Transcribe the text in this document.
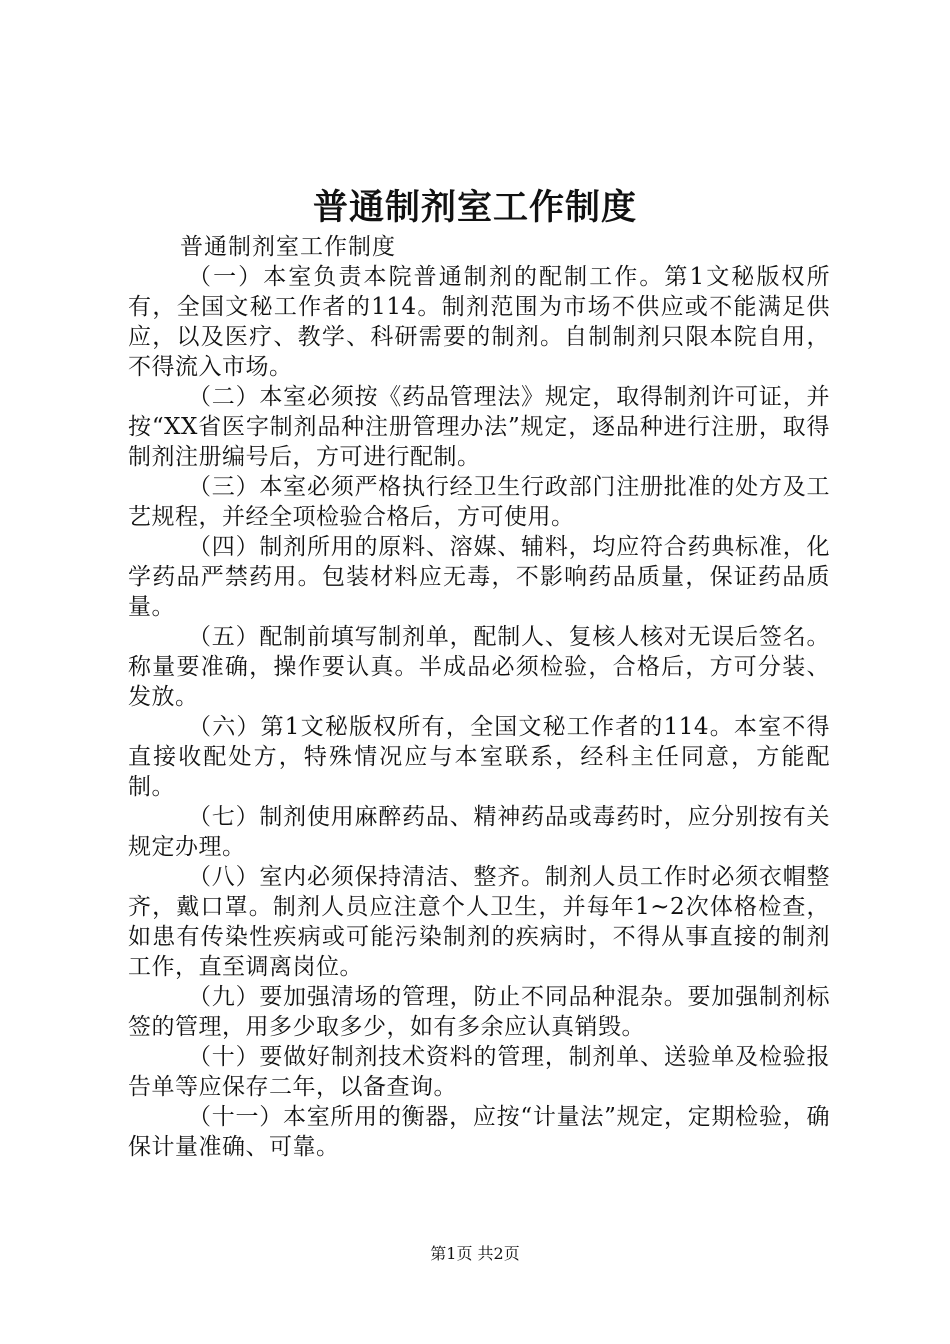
普通制剂室工作制度

普通制剂室工作制度

（一）本室负责本院普通制剂的配制工作。第1文秘版权所有，全国文秘工作者的114。制剂范围为市场不供应或不能满足供应，以及医疗、教学、科研需要的制剂。自制制剂只限本院自用，不得流入市场。

（二）本室必须按《药品管理法》规定，取得制剂许可证，并按“XX省医字制剂品种注册管理办法”规定，逐品种进行注册，取得制剂注册编号后，方可进行配制。

（三）本室必须严格执行经卫生行政部门注册批准的处方及工艺规程，并经全项检验合格后，方可使用。

（四）制剂所用的原料、溶媒、辅料，均应符合药典标准，化学药品严禁药用。包装材料应无毒，不影响药品质量，保证药品质量。

（五）配制前填写制剂单，配制人、复核人核对无误后签名。称量要准确，操作要认真。半成品必须检验，合格后，方可分装、发放。

（六）第1文秘版权所有，全国文秘工作者的114。本室不得直接收配处方，特殊情况应与本室联系，经科主任同意，方能配制。

（七）制剂使用麻醉药品、精神药品或毒药时，应分别按有关规定办理。

（八）室内必须保持清洁、整齐。制剂人员工作时必须衣帽整齐，戴口罩。制剂人员应注意个人卫生，并每年1~2次体格检查，如患有传染性疾病或可能污染制剂的疾病时，不得从事直接的制剂工作，直至调离岗位。

（九）要加强清场的管理，防止不同品种混杂。要加强制剂标签的管理，用多少取多少，如有多余应认真销毁。

（十）要做好制剂技术资料的管理，制剂单、送验单及检验报告单等应保存二年，以备查询。

（十一）本室所用的衡器，应按“计量法”规定，定期检验，确保计量准确、可靠。

第1页 共2页
